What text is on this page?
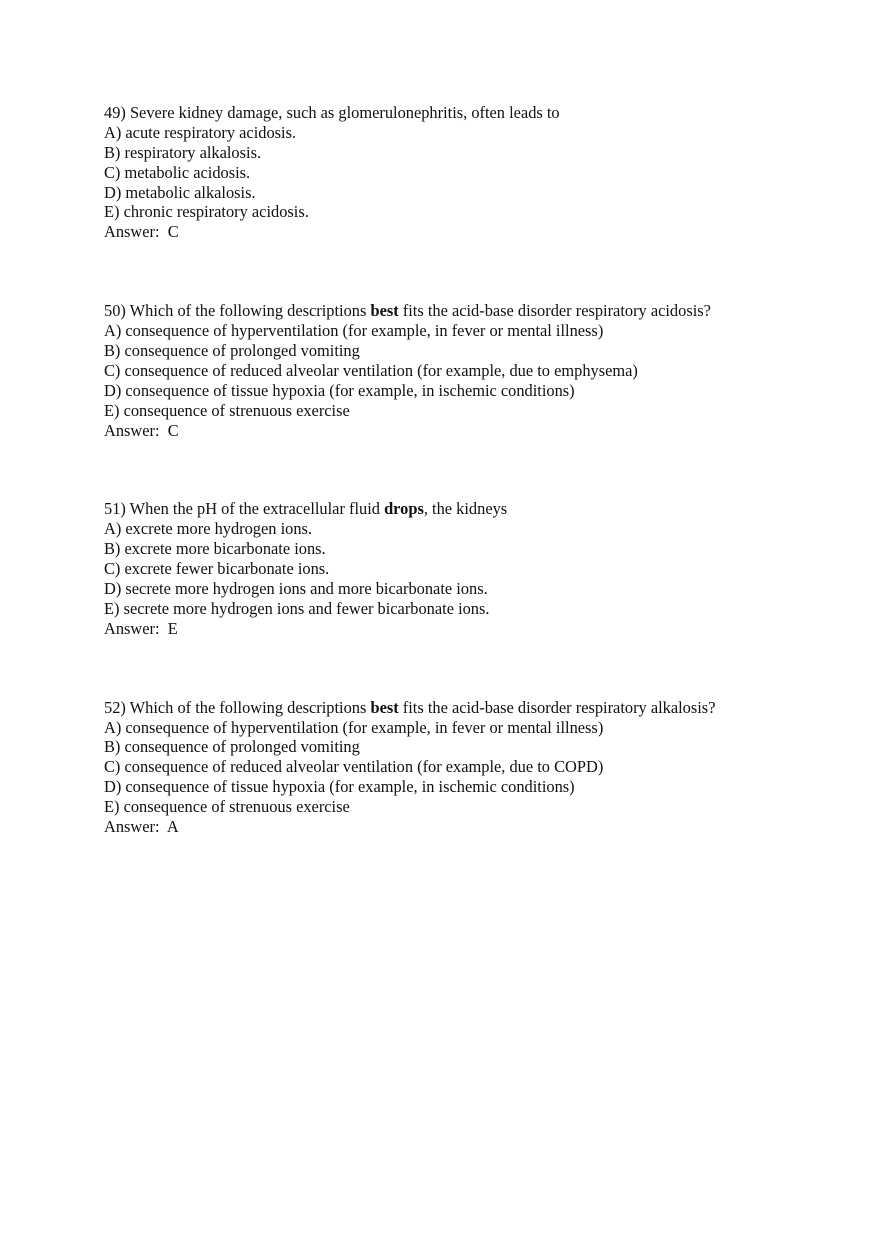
49) Severe kidney damage, such as glomerulonephritis, often leads to
A) acute respiratory acidosis.
B) respiratory alkalosis.
C) metabolic acidosis.
D) metabolic alkalosis.
E) chronic respiratory acidosis.
Answer:  C
50) Which of the following descriptions best fits the acid-base disorder respiratory acidosis?
A) consequence of hyperventilation (for example, in fever or mental illness)
B) consequence of prolonged vomiting
C) consequence of reduced alveolar ventilation (for example, due to emphysema)
D) consequence of tissue hypoxia (for example, in ischemic conditions)
E) consequence of strenuous exercise
Answer:  C
51) When the pH of the extracellular fluid drops, the kidneys
A) excrete more hydrogen ions.
B) excrete more bicarbonate ions.
C) excrete fewer bicarbonate ions.
D) secrete more hydrogen ions and more bicarbonate ions.
E) secrete more hydrogen ions and fewer bicarbonate ions.
Answer:  E
52) Which of the following descriptions best fits the acid-base disorder respiratory alkalosis?
A) consequence of hyperventilation (for example, in fever or mental illness)
B) consequence of prolonged vomiting
C) consequence of reduced alveolar ventilation (for example, due to COPD)
D) consequence of tissue hypoxia (for example, in ischemic conditions)
E) consequence of strenuous exercise
Answer:  A
